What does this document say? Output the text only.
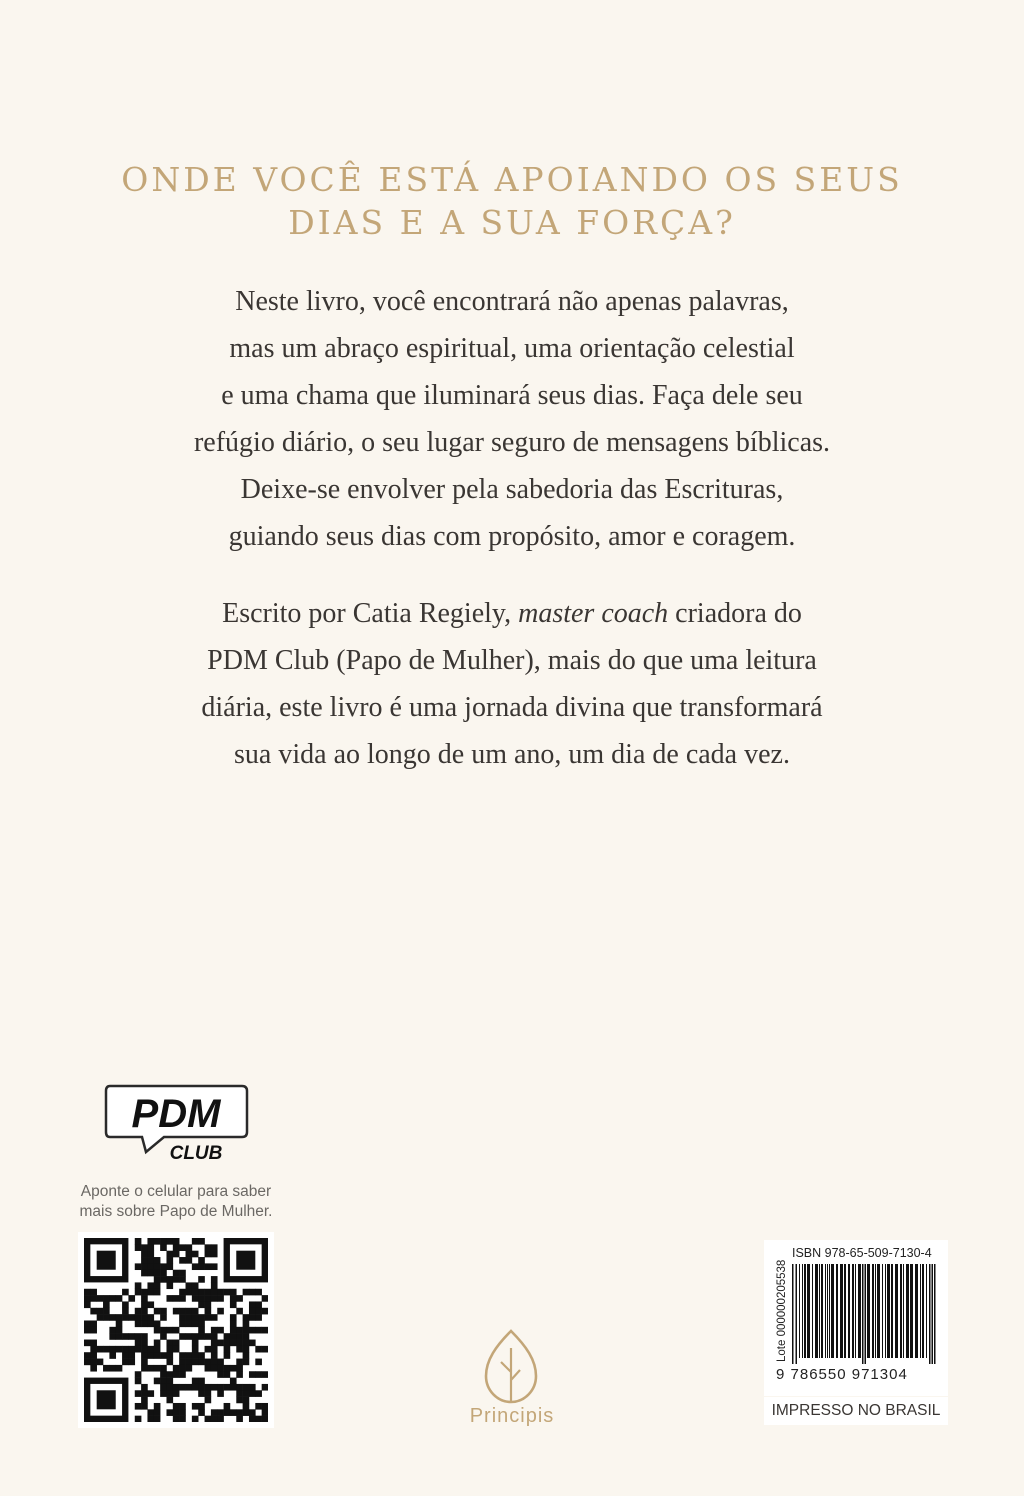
ONDE VOCÊ ESTÁ APOIANDO OS SEUS
DIAS E A SUA FORÇA?
Neste livro, você encontrará não apenas palavras,
mas um abraço espiritual, uma orientação celestial
e uma chama que iluminará seus dias. Faça dele seu
refúgio diário, o seu lugar seguro de mensagens bíblicas.
Deixe-se envolver pela sabedoria das Escrituras,
guiando seus dias com propósito, amor e coragem.
Escrito por Catia Regiely, master coach criadora do
PDM Club (Papo de Mulher), mais do que uma leitura
diária, este livro é uma jornada divina que transformará
sua vida ao longo de um ano, um dia de cada vez.
PDM
CLUB
Aponte o celular para saber
mais sobre Papo de Mulher.
Principis
ISBN 978-65-509-7130-4
Lote 000000205538
9 786550 971304
IMPRESSO NO BRASIL
